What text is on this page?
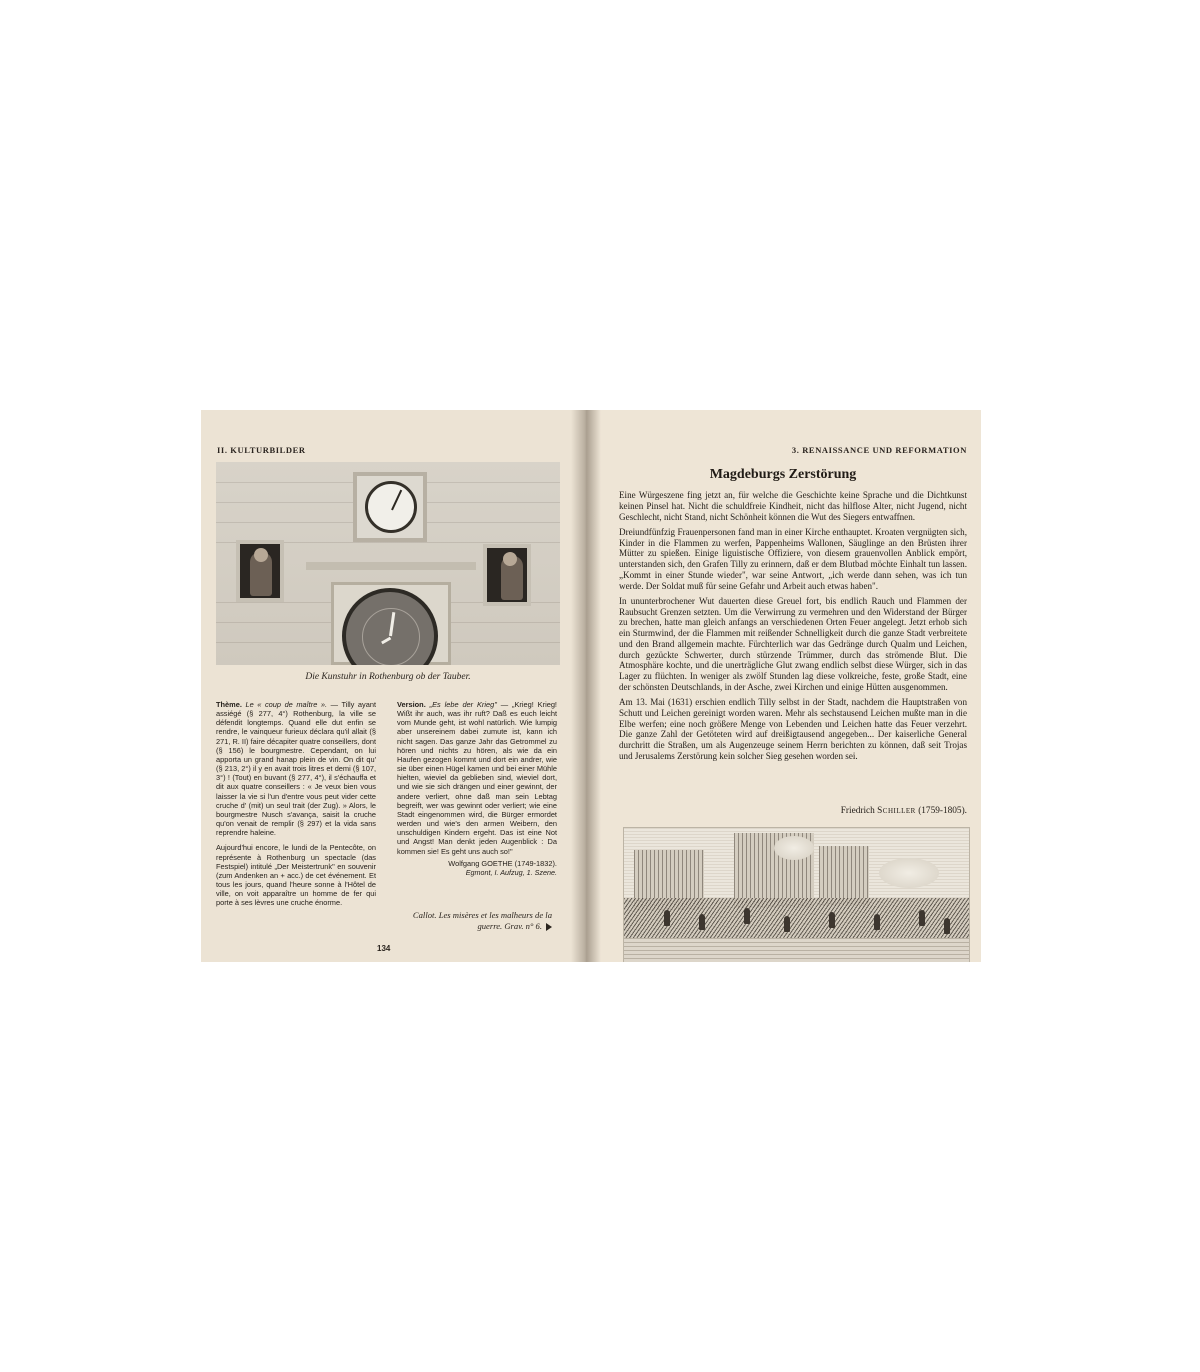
II. KULTURBILDER
Die Kunstuhr in Rothenburg ob der Tauber.

Thème. Le « coup de maître ». — Tilly ayant assiégé (§ 277, 4°) Rothenburg, la ville se défendit longtemps. Quand elle dut enfin se rendre, le vainqueur furieux déclara qu'il allait (§ 271, R. II) faire décapiter quatre conseillers, dont (§ 156) le bourgmestre. Cependant, on lui apporta un grand hanap plein de vin. On dit qu' (§ 213, 2°) il y en avait trois litres et demi (§ 107, 3°) ! (Tout) en buvant (§ 277, 4°), il s'échauffa et dit aux quatre conseillers : « Je veux bien vous laisser la vie si l'un d'entre vous peut vider cette cruche d' (mit) un seul trait (der Zug). » Alors, le bourgmestre Nusch s'avança, saisit la cruche qu'on venait de remplir (§ 297) et la vida sans reprendre haleine.

Aujourd'hui encore, le lundi de la Pentecôte, on représente à Rothenburg un spectacle (das Festspiel) intitulé „Der Meistertrunk" en souvenir (zum Andenken an + acc.) de cet événement. Et tous les jours, quand l'heure sonne à l'Hôtel de ville, on voit apparaître un homme de fer qui porte à ses lèvres une cruche énorme.

Version. „Es lebe der Krieg" — „Krieg! Krieg! Wißt ihr auch, was ihr ruft? Daß es euch leicht vom Munde geht, ist wohl natürlich. Wie lumpig aber unsereinem dabei zumute ist, kann ich nicht sagen. Das ganze Jahr das Getrommel zu hören und nichts zu hören, als wie da ein Haufen gezogen kommt und dort ein andrer, wie sie über einen Hügel kamen und bei einer Mühle hielten, wieviel da geblieben sind, wieviel dort, und wie sie sich drängen und einer gewinnt, der andere verliert, ohne daß man sein Lebtag begreift, wer was gewinnt oder verliert; wie eine Stadt eingenommen wird, die Bürger ermordet werden und wie's den armen Weibern, den unschuldigen Kindern ergeht. Das ist eine Not und Angst! Man denkt jeden Augenblick : Da kommen sie! Es geht uns auch so!"

Wolfgang GOETHE (1749-1832).
Egmont, I. Aufzug, 1. Szene.
Callot. Les misères et les malheurs de la guerre. Grav. n° 6.
134
3. RENAISSANCE UND REFORMATION
Magdeburgs Zerstörung

Eine Würgeszene fing jetzt an, für welche die Geschichte keine Sprache und die Dichtkunst keinen Pinsel hat. Nicht die schuldfreie Kindheit, nicht das hilflose Alter, nicht Jugend, nicht Geschlecht, nicht Stand, nicht Schönheit können die Wut des Siegers entwaffnen.

Dreiundfünfzig Frauenpersonen fand man in einer Kirche enthauptet. Kroaten vergnügten sich, Kinder in die Flammen zu werfen, Pappenheims Wallonen, Säuglinge an den Brüsten ihrer Mütter zu spießen. Einige liguistische Offiziere, von diesem grauenvollen Anblick empört, unterstanden sich, den Grafen Tilly zu erinnern, daß er dem Blutbad möchte Einhalt tun lassen. „Kommt in einer Stunde wieder", war seine Antwort, „ich werde dann sehen, was ich tun werde. Der Soldat muß für seine Gefahr und Arbeit auch etwas haben".

In ununterbrochener Wut dauerten diese Greuel fort, bis endlich Rauch und Flammen der Raubsucht Grenzen setzten. Um die Verwirrung zu vermehren und den Widerstand der Bürger zu brechen, hatte man gleich anfangs an verschiedenen Orten Feuer angelegt. Jetzt erhob sich ein Sturmwind, der die Flammen mit reißender Schnelligkeit durch die ganze Stadt verbreitete und den Brand allgemein machte. Fürchterlich war das Gedränge durch Qualm und Leichen, durch gezückte Schwerter, durch stürzende Trümmer, durch das strömende Blut. Die Atmosphäre kochte, und die unerträgliche Glut zwang endlich selbst diese Würger, sich in das Lager zu flüchten. In weniger als zwölf Stunden lag diese volkreiche, feste, große Stadt, eine der schönsten Deutschlands, in der Asche, zwei Kirchen und einige Hütten ausgenommen.

Am 13. Mai (1631) erschien endlich Tilly selbst in der Stadt, nachdem die Hauptstraßen von Schutt und Leichen gereinigt worden waren. Mehr als sechstausend Leichen mußte man in die Elbe werfen; eine noch größere Menge von Lebenden und Leichen hatte das Feuer verzehrt. Die ganze Zahl der Getöteten wird auf dreißigtausend angegeben... Der kaiserliche General durchritt die Straßen, um als Augenzeuge seinem Herrn berichten zu können, daß seit Trojas und Jerusalems Zerstörung kein solcher Sieg gesehen worden sei.

Friedrich Schiller (1759-1805).
